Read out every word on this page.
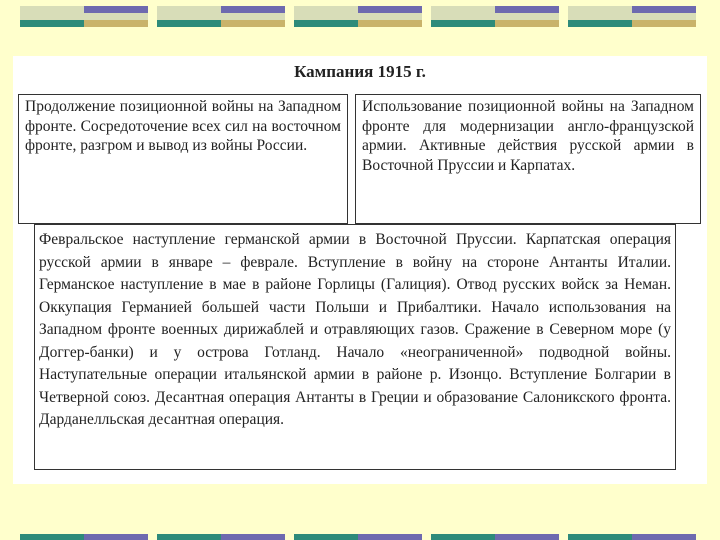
Кампания 1915 г.
Продолжение позиционной войны на Западном фронте. Сосредоточение всех сил на восточном фронте, разгром и вывод из войны России.
Использование позиционной войны на Западном фронте для модернизации англо-французской армии. Активные действия русской армии в Восточной Пруссии и Карпатах.
Февральское наступление германской армии в Восточной Пруссии. Карпатская операция русской армии в январе – феврале. Вступление в войну на стороне Антанты Италии. Германское наступление в мае в районе Горлицы (Галиция). Отвод русских войск за Неман. Оккупация Германией большей части Польши и Прибалтики. Начало использования на Западном фронте военных дирижаблей и отравляющих газов. Сражение в Северном море (у Доггер-банки) и у острова Готланд. Начало «неограниченной» подводной войны. Наступательные операции итальянской армии в районе р. Изонцо. Вступление Болгарии в Четверной союз. Десантная операция Антанты в Греции и образование Салоникского фронта. Дарданелльская десантная операция.
